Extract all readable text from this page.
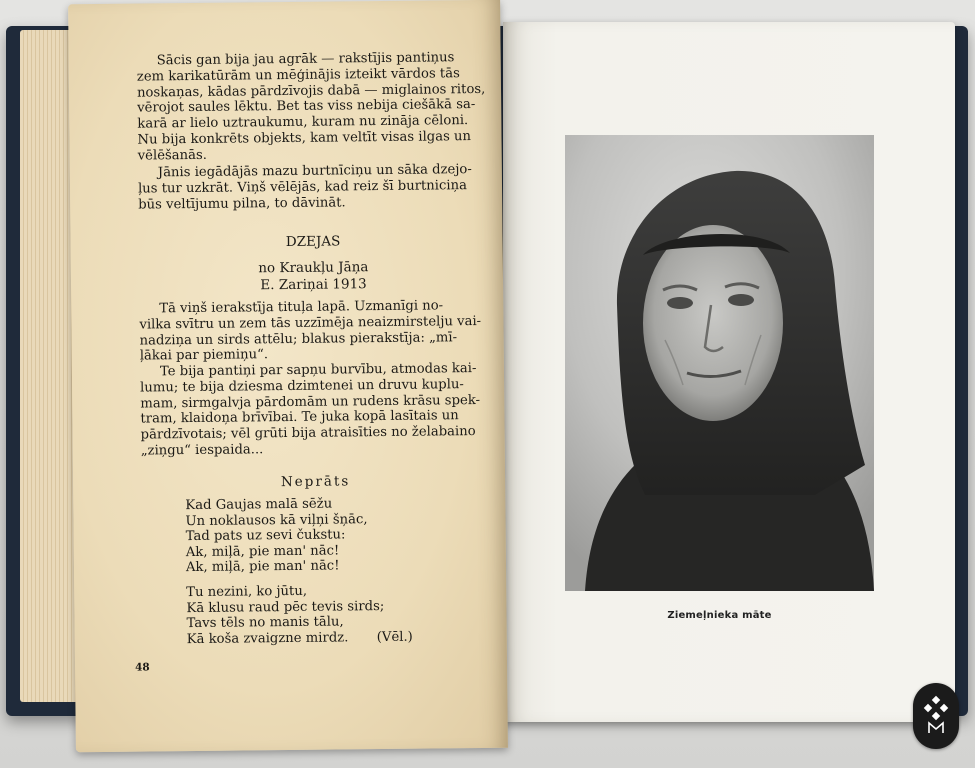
Ziemeļnieka māte
Sācis gan bija jau agrāk — rakstījis pantiņus
zem karikatūrām un mēģinājis izteikt vārdos tās
noskaņas, kādas pārdzīvojis dabā — miglainos ritos,
vērojot saules lēktu. Bet tas viss nebija ciešākā sa-
karā ar lielo uztraukumu, kuram nu zināja cēloni.
Nu bija konkrēts objekts, kam veltīt visas ilgas un
vēlēšanās.
Jānis iegādājās mazu burtnīciņu un sāka dzejo-
ļus tur uzkrāt. Viņš vēlējās, kad reiz šī burtniciņa
būs veltījumu pilna, to dāvināt.
DZEJAS
no Kraukļu Jāņa
E. Zariņai 1913
Tā viņš ierakstīja tituļa lapā. Uzmanīgi no-
vilka svītru un zem tās uzzīmēja neaizmirstelju vai-
nadziņa un sirds attēlu; blakus pierakstīja: „mī-
ļākai par piemiņu“.
Te bija pantiņi par sapņu burvību, atmodas kai-
lumu; te bija dziesma dzimtenei un druvu kuplu-
mam, sirmgalvja pārdomām un rudens krāsu spek-
tram, klaidoņa brīvībai. Te juka kopā lasītais un
pārdzīvotais; vēl grūti bija atraisīties no želabaino
„ziņgu“ iespaida...
Neprāts
Kad Gaujas malā sēžu
Un noklausos kā viļņi šņāc,
Tad pats uz sevi čukstu:
Ak, miļā, pie man' nāc!
Ak, miļā, pie man' nāc!
Tu nezini, ko jūtu,
Kā klusu raud pēc tevis sirds;
Tavs tēls no manis tālu,
Kā koša zvaigzne mirdz.	(Vēl.)
48
